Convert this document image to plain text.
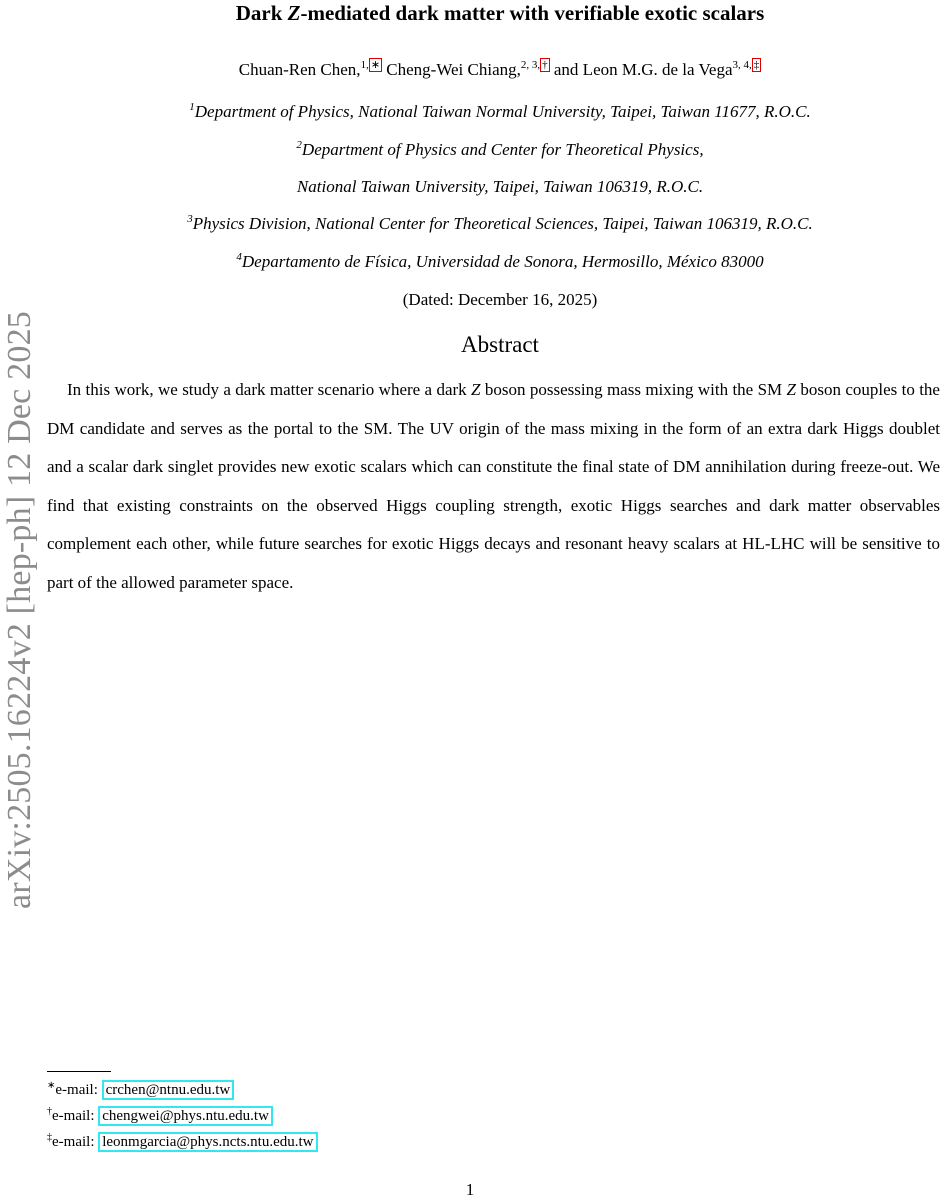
arXiv:2505.16224v2 [hep-ph] 12 Dec 2025
Dark Z-mediated dark matter with verifiable exotic scalars
Chuan-Ren Chen,$^{1, ∗}$ Cheng-Wei Chiang,$^{2, 3, \dagger}$ and Leon M.G. de la Vega$^{3, 4, \ddagger}$
$^1$Department of Physics, National Taiwan Normal University, Taipei, Taiwan 11677, R.O.C.
$^2$Department of Physics and Center for Theoretical Physics,
National Taiwan University, Taipei, Taiwan 106319, R.O.C.
$^3$Physics Division, National Center for Theoretical Sciences, Taipei, Taiwan 106319, R.O.C.
$^4$Departamento de Física, Universidad de Sonora, Hermosillo, México 83000
(Dated: December 16, 2025)
Abstract
In this work, we study a dark matter scenario where a dark Z boson possessing mass mixing with the SM Z boson couples to the DM candidate and serves as the portal to the SM. The UV origin of the mass mixing in the form of an extra dark Higgs doublet and a scalar dark singlet provides new exotic scalars which can constitute the final state of DM annihilation during freeze-out. We find that existing constraints on the observed Higgs coupling strength, exotic Higgs searches and dark matter observables complement each other, while future searches for exotic Higgs decays and resonant heavy scalars at HL-LHC will be sensitive to part of the allowed parameter space.
∗e-mail: crchen@ntnu.edu.tw
†e-mail: chengwei@phys.ntu.edu.tw
‡e-mail: leonmgarcia@phys.ncts.ntu.edu.tw
1
